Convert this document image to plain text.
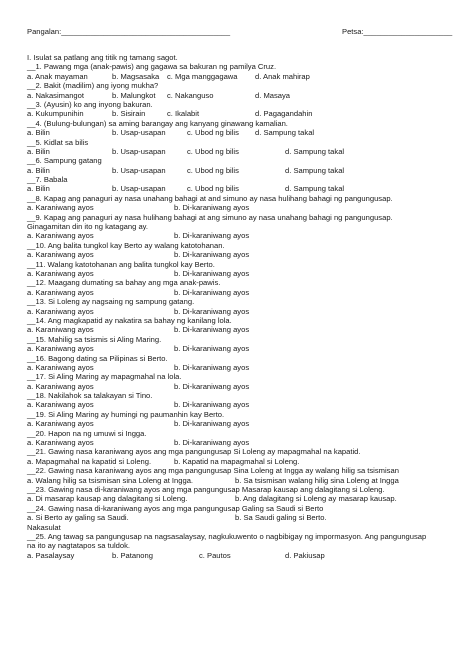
Pangalan:________________________________________	Petsa:_____________________
I. Isulat sa patlang ang titik ng tamang sagot.
__1. Pawang mga (anak-pawis) ang gagawa sa bakuran ng pamilya Cruz.
a. Anak mayaman	b. Magsasaka c. Mga manggagawa d. Anak mahirap
__2. Bakit (madilim) ang iyong mukha?
a. Nakasimangot	b. Malungkot c. Nakanguso	d. Masaya
__3. (Ayusin) ko ang inyong bakuran.
a. Kukumpunihin	b. Sisirain	c. Ikalabit	d. Pagagandahin
__4. (Bulung-bulungan) sa aming barangay ang kanyang ginawang kamalian.
a. Bilin	b. Usap-usapan	c. Ubod ng bilis d. Sampung takal
__5. Kidlat sa bilis
a. Bilin	b. Usap-usapan	c. Ubod ng bilis	d. Sampung takal
__6. Sampung gatang
a. Bilin	b. Usap-usapan	c. Ubod ng bilis	d. Sampung takal
__7. Babala
a. Bilin	b. Usap-usapan	c. Ubod ng bilis	d. Sampung takal
__8. Kapag ang panaguri ay nasa unahang bahagi at and simuno ay nasa hulihang bahagi ng pangungusap.
a. Karaniwang ayos	b. Di-karaniwang ayos
__9. Kapag ang panaguri ay nasa hulihang bahagi at ang simuno ay nasa unahang bahagi ng pangungusap.
Ginagamitan din ito ng katagang ay.
a. Karaniwang ayos	b. Di-karaniwang ayos
__10. Ang balita tungkol kay Berto ay walang katotohanan.
a. Karaniwang ayos	b. Di-karaniwang ayos
__11. Walang katotohanan ang balita tungkol kay Berto.
a. Karaniwang ayos	b. Di-karaniwang ayos
__12. Maagang dumating sa bahay ang mga anak-pawis.
a. Karaniwang ayos	b. Di-karaniwang ayos
__13. Si Loleng ay nagsaing ng sampung gatang.
a. Karaniwang ayos	b. Di-karaniwang ayos
__14. Ang magkapatid ay nakatira sa bahay ng kanilang lola.
a. Karaniwang ayos	b. Di-karaniwang ayos
__15. Mahilig sa tsismis si Aling Maring.
a. Karaniwang ayos	b. Di-karaniwang ayos
__16. Bagong dating sa Pilipinas si Berto.
a. Karaniwang ayos	b. Di-karaniwang ayos
__17. Si Aling Maring ay mapagmahal na lola.
a. Karaniwang ayos	b. Di-karaniwang ayos
__18. Nakilahok sa talakayan si Tino.
a. Karaniwang ayos	b. Di-karaniwang ayos
__19. Si Aling Maring ay humingi ng paumanhin kay Berto.
a. Karaniwang ayos	b. Di-karaniwang ayos
__20. Hapon na ng umuwi si Ingga.
a. Karaniwang ayos	b. Di-karaniwang ayos
__21. Gawing nasa karaniwang ayos ang mga pangungusap Si Loleng ay mapagmahal na kapatid.
a. Mapagmahal na kapatid si Loleng.	b. Kapatid na mapagmahal si Loleng.
__22. Gawing nasa karaniwang ayos ang mga pangungusap Sina Loleng at Ingga ay walang hilig sa tsismisan
a. Walang hilig sa tsismisan sina Loleng at Ingga.	b. Sa tsismisan walang hilig sina Loleng at Ingga
__23. Gawing nasa di-karaniwang ayos ang mga pangungusap Masarap kausap ang dalagitang si Loleng.
a. Di masarap kausap ang dalagitang si Loleng.	b. Ang dalagitang si Loleng ay masarap kausap.
__24. Gawing nasa di-karaniwang ayos ang mga pangungusap Galing sa Saudi si Berto
a. Si Berto ay galing sa Saudi.	b. Sa Saudi galing si Berto.
Nakasulat
__25. Ang tawag sa pangungusap na nagsasalaysay, nagkukuwento o nagbibigay ng impormasyon. Ang pangungusap
na ito ay nagtatapos sa tuldok.
a. Pasalaysay	b. Patanong	c. Pautos	d. Pakiusap
